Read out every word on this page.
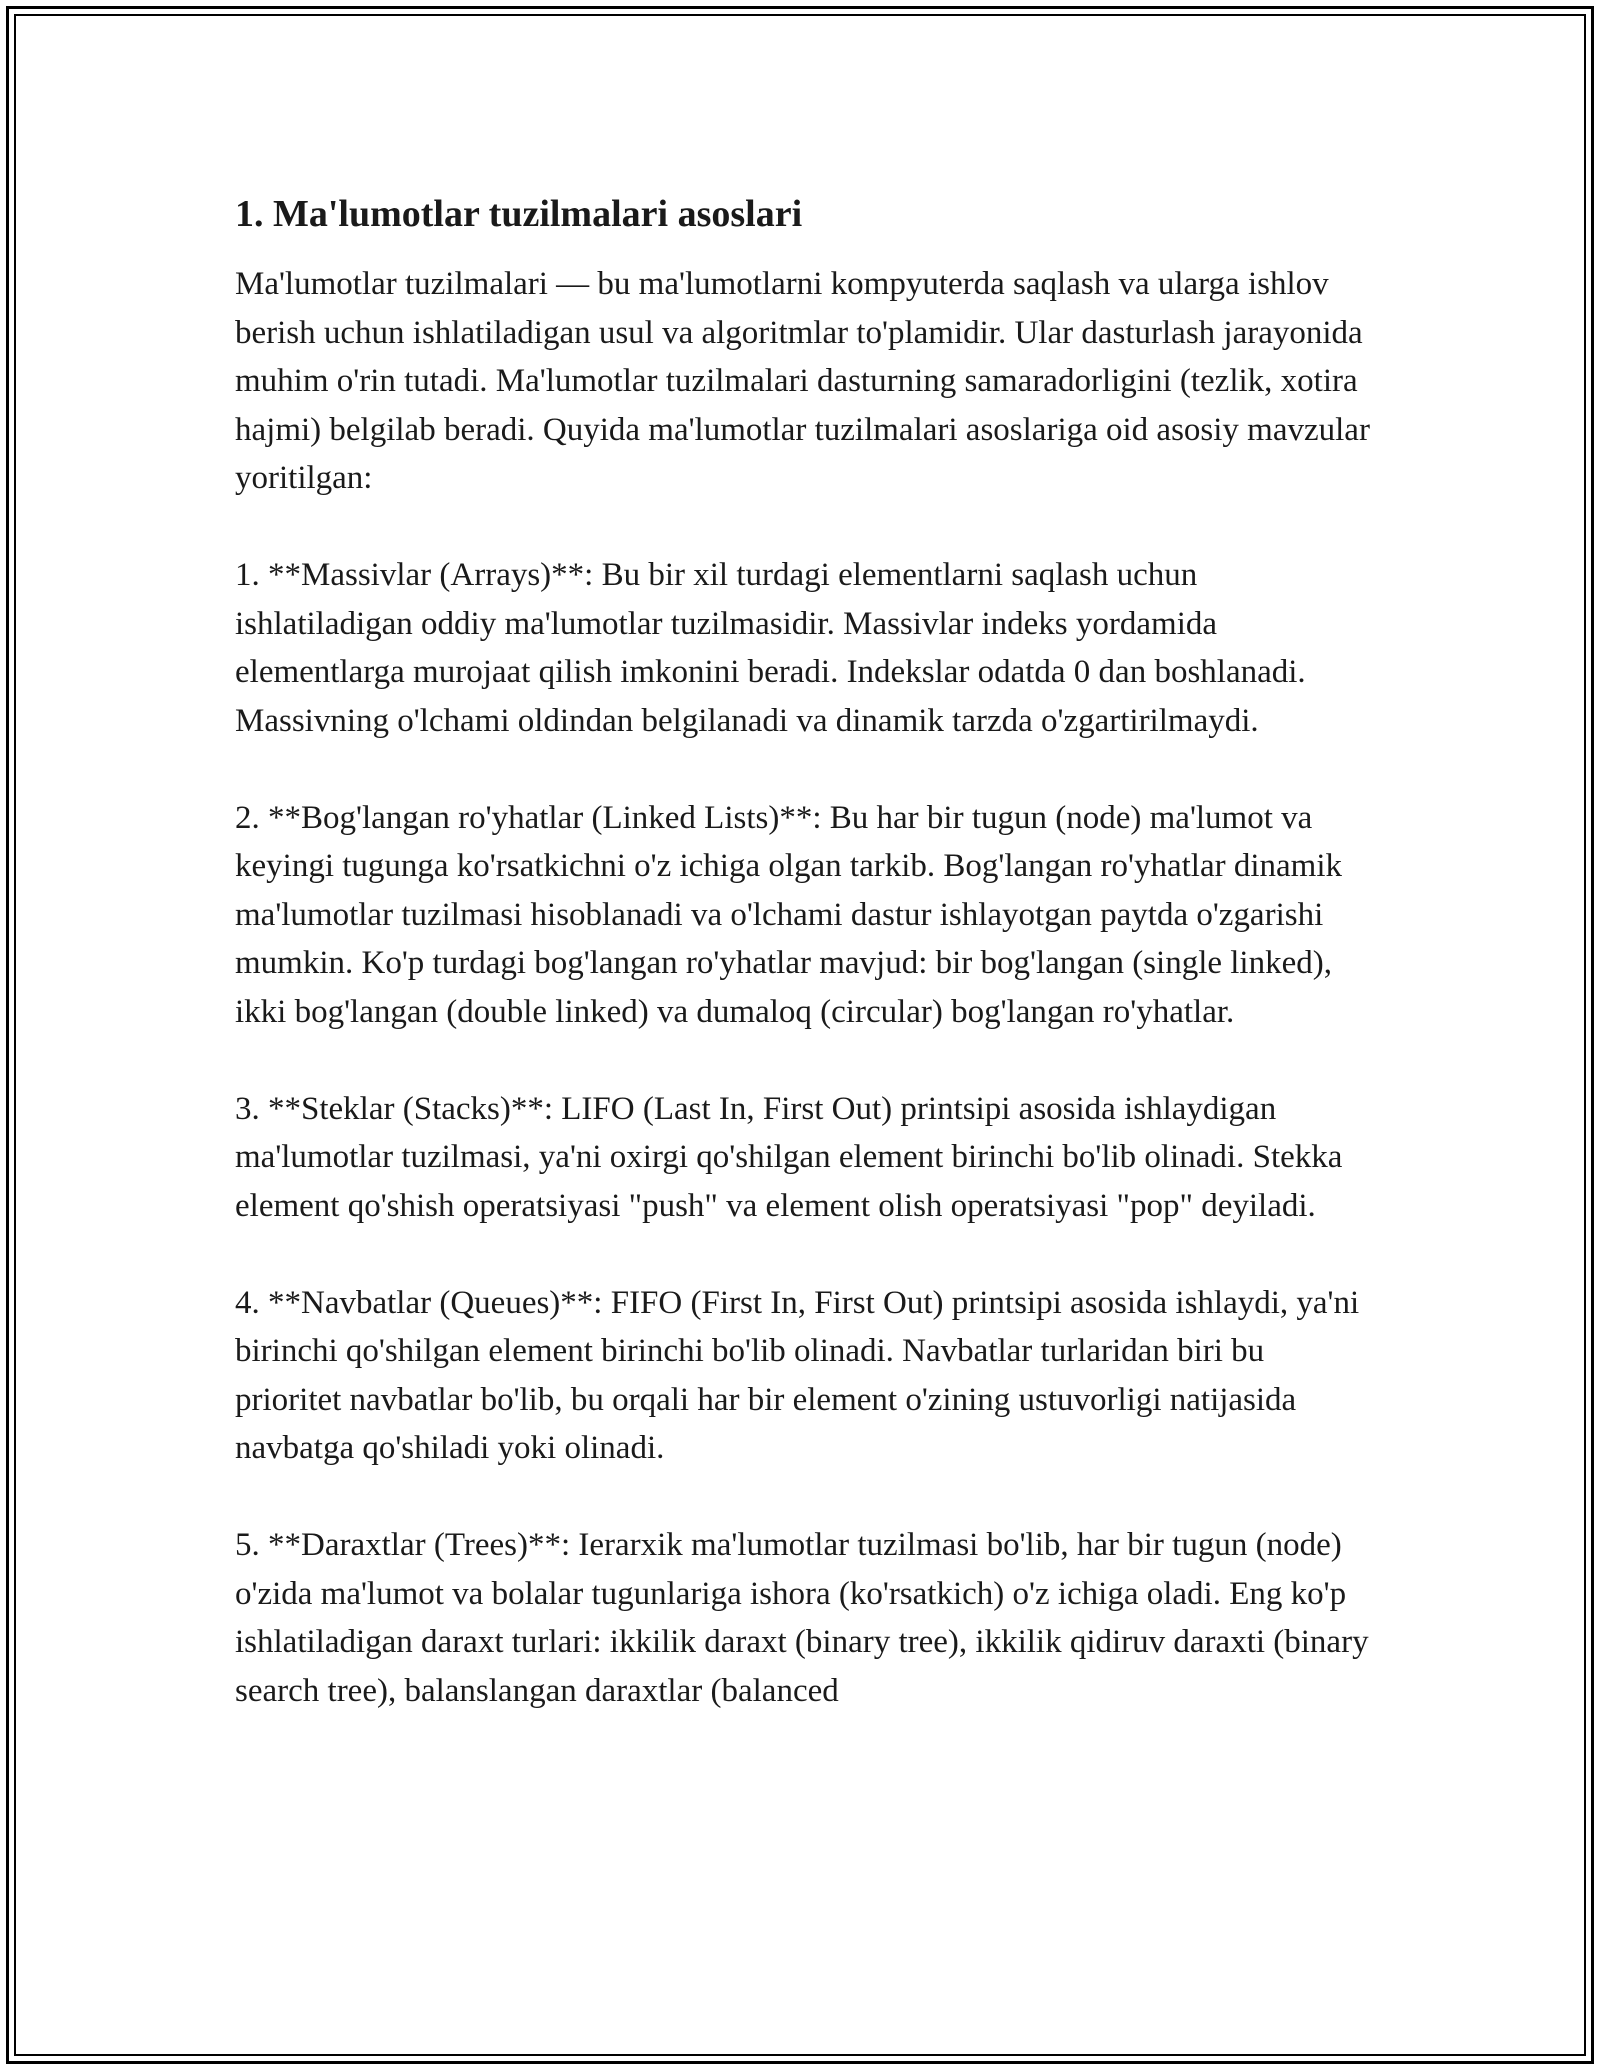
1. Ma'lumotlar tuzilmalari asoslari

Ma'lumotlar tuzilmalari — bu ma'lumotlarni kompyuterda saqlash va ularga ishlov berish uchun ishlatiladigan usul va algoritmlar to'plamidir. Ular dasturlash jarayonida muhim o'rin tutadi. Ma'lumotlar tuzilmalari dasturning samaradorligini (tezlik, xotira hajmi) belgilab beradi. Quyida ma'lumotlar tuzilmalari asoslariga oid asosiy mavzular yoritilgan:

1. **Massivlar (Arrays)**: Bu bir xil turdagi elementlarni saqlash uchun ishlatiladigan oddiy ma'lumotlar tuzilmasidir. Massivlar indeks yordamida elementlarga murojaat qilish imkonini beradi. Indekslar odatda 0 dan boshlanadi. Massivning o'lchami oldindan belgilanadi va dinamik tarzda o'zgartirilmaydi.

2. **Bog'langan ro'yhatlar (Linked Lists)**: Bu har bir tugun (node) ma'lumot va keyingi tugunga ko'rsatkichni o'z ichiga olgan tarkib. Bog'langan ro'yhatlar dinamik ma'lumotlar tuzilmasi hisoblanadi va o'lchami dastur ishlayotgan paytda o'zgarishi mumkin. Ko'p turdagi bog'langan ro'yhatlar mavjud: bir bog'langan (single linked), ikki bog'langan (double linked) va dumaloq (circular) bog'langan ro'yhatlar.

3. **Steklar (Stacks)**: LIFO (Last In, First Out) printsipi asosida ishlaydigan ma'lumotlar tuzilmasi, ya'ni oxirgi qo'shilgan element birinchi bo'lib olinadi. Stekka element qo'shish operatsiyasi "push" va element olish operatsiyasi "pop" deyiladi.

4. **Navbatlar (Queues)**: FIFO (First In, First Out) printsipi asosida ishlaydi, ya'ni birinchi qo'shilgan element birinchi bo'lib olinadi. Navbatlar turlaridan biri bu prioritet navbatlar bo'lib, bu orqali har bir element o'zining ustuvorligi natijasida navbatga qo'shiladi yoki olinadi.

5. **Daraxtlar (Trees)**: Ierarxik ma'lumotlar tuzilmasi bo'lib, har bir tugun (node) o'zida ma'lumot va bolalar tugunlariga ishora (ko'rsatkich) o'z ichiga oladi. Eng ko'p ishlatiladigan daraxt turlari: ikkilik daraxt (binary tree), ikkilik qidiruv daraxti (binary search tree), balanslangan daraxtlar (balanced
